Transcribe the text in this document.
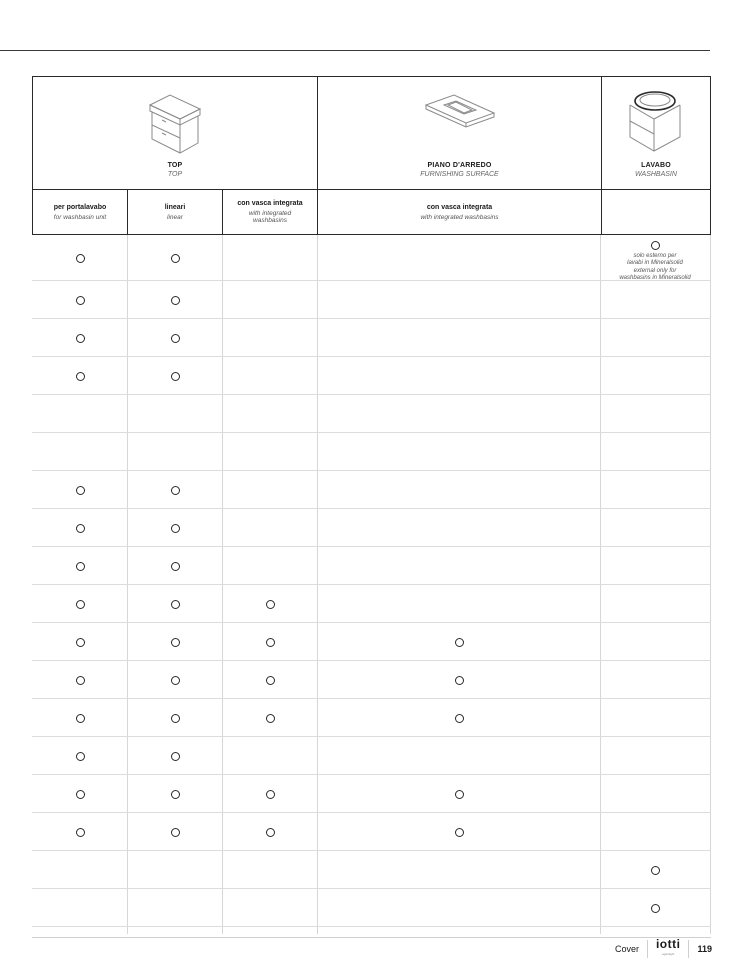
TOP
TOP
PIANO D'ARREDO
FURNISHING SURFACE
LAVABO
WASHBASIN
per portalavabo
for washbasin unit
lineari
linear
con vasca integrata
with integrated
washbasins
con vasca integrata
with integrated washbasins
solo esterno per
lavabi in Mineralsolid
external only for
washbasins in Mineralsolid
Cover iotti
ageolight	119
